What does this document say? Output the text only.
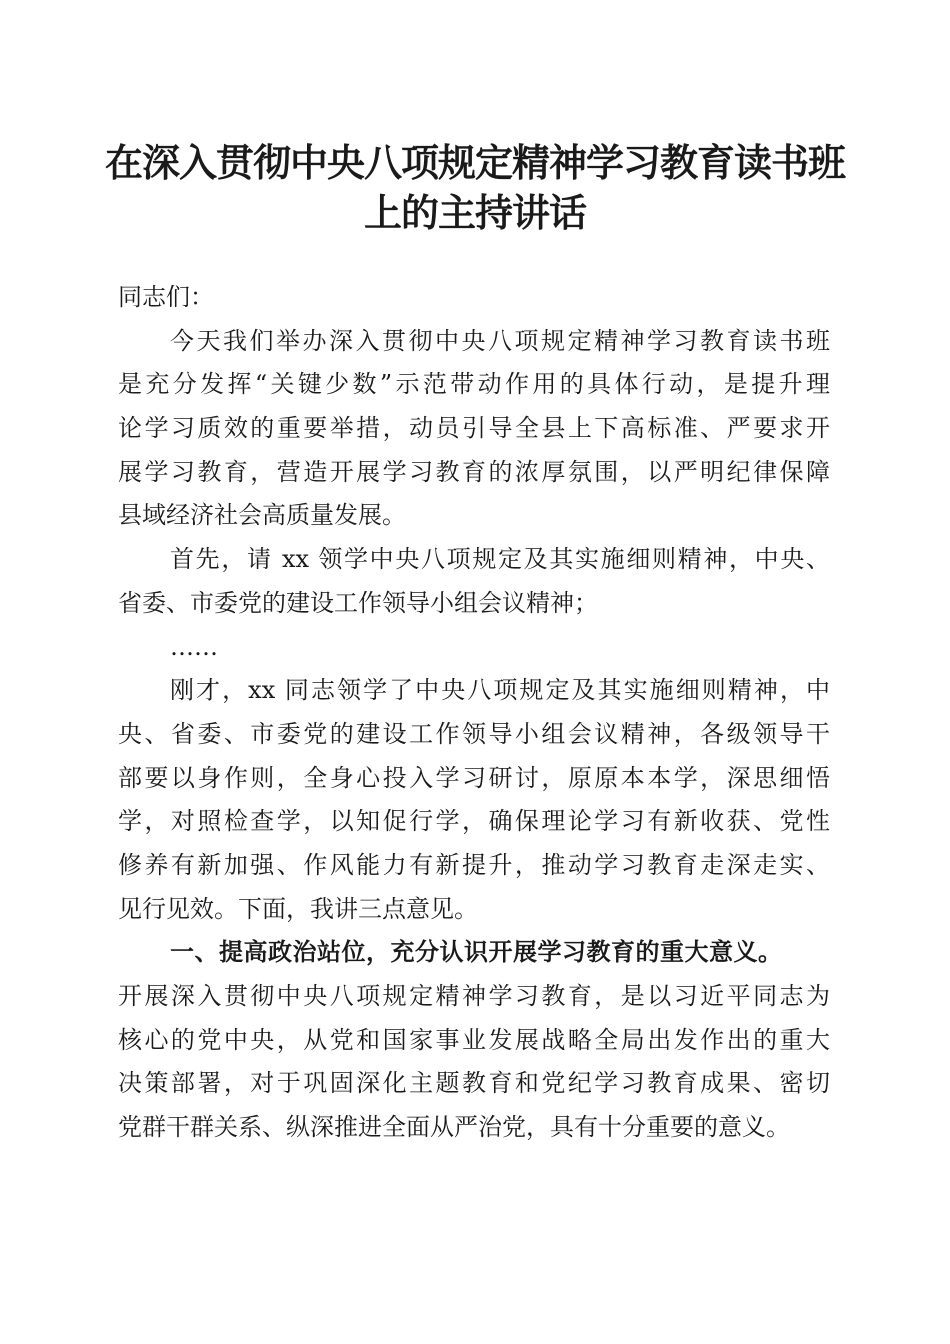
在深入贯彻中央八项规定精神学习教育读书班
上的主持讲话
同志们：
今天我们举办深入贯彻中央八项规定精神学习教育读书班
是充分发挥“关键少数”示范带动作用的具体行动，是提升理
论学习质效的重要举措，动员引导全县上下高标准、严要求开
展学习教育，营造开展学习教育的浓厚氛围，以严明纪律保障
县域经济社会高质量发展。
首先，请 xx 领学中央八项规定及其实施细则精神，中央、
省委、市委党的建设工作领导小组会议精神；
……
刚才，xx 同志领学了中央八项规定及其实施细则精神，中
央、省委、市委党的建设工作领导小组会议精神，各级领导干
部要以身作则，全身心投入学习研讨，原原本本学，深思细悟
学，对照检查学，以知促行学，确保理论学习有新收获、党性
修养有新加强、作风能力有新提升，推动学习教育走深走实、
见行见效。下面，我讲三点意见。
一、提高政治站位，充分认识开展学习教育的重大意义。
开展深入贯彻中央八项规定精神学习教育，是以习近平同志为
核心的党中央，从党和国家事业发展战略全局出发作出的重大
决策部署，对于巩固深化主题教育和党纪学习教育成果、密切
党群干群关系、纵深推进全面从严治党，具有十分重要的意义。
